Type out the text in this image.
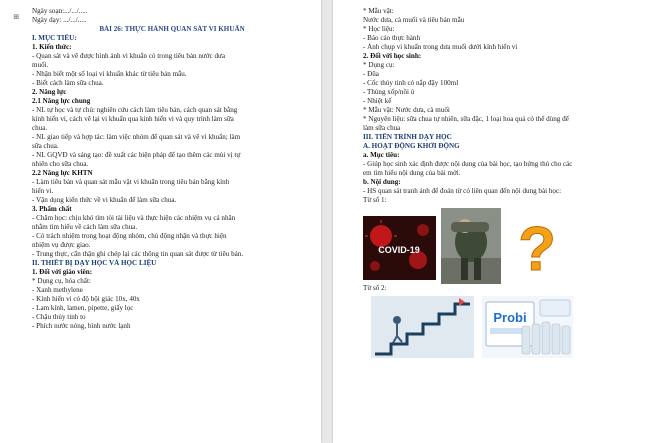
⊞
Ngày soạn:.../.../.....
Ngày dạy: .../.../.....
BÀI 26: THỰC HÀNH QUAN SÁT VI KHUẨN
I. MỤC TIÊU:
1. Kiến thức:
- Quan sát và vẽ được hình ảnh vi khuẩn có trong tiêu bản nước dưa
muối.
- Nhận biết một số loại vi khuẩn khác từ tiêu bản mẫu.
- Biết cách làm sữa chua.
2. Năng lực
2.1 Năng lực chung
- NL tự học và tự chủ: nghiên cứu cách làm tiêu bản, cách quan sát bằng
kính hiển vi, cách vẽ lại vi khuẩn qua kính hiển vi và quy trình làm sữa
chua.
- NL giao tiếp và hợp tác: làm việc nhóm để quan sát và vẽ vi khuẩn; làm
sữa chua.
- NL GQVĐ và sáng tạo: đề xuất các biện pháp để tạo thêm các mùi vị tự
nhiên cho sữa chua.
2.2 Năng lực KHTN
- Làm tiêu bản và quan sát mẫu vật vi khuẩn trong tiêu bản bằng kính
hiển vi.
- Vận dụng kiến thức về vi khuẩn để làm sữa chua.
3. Phẩm chất
- Chăm học: chịu khó tìm tòi tài liệu và thực hiện các nhiệm vụ cá nhân
nhằm tìm hiểu về cách làm sữa chua.
- Có trách nhiệm trong hoạt động nhóm, chủ động nhận và thực hiện
nhiệm vụ được giao.
- Trung thực, cẩn thận ghi chép lại các thông tin quan sát được từ tiêu bản.
II. THIẾT BỊ DẠY HỌC VÀ HỌC LIỆU
1. Đối với giáo viên:
* Dụng cụ, hóa chất:
- Xanh methylene
- Kính hiển vi có độ bội giác 10x, 40x
- Lam kính, lamen, pipette, giấy lọc
- Chậu thủy tinh to
- Phích nước nóng, bình nước lạnh
* Mẫu vật:
Nước dưa, cà muối và tiêu bản mẫu
* Học liệu:
- Báo cáo thực hành
- Ảnh chụp vi khuẩn trong dưa muối dưới kính hiển vi
2. Đối với học sinh:
* Dụng cụ:
- Đũa
- Cốc thủy tinh có nắp đậy 100ml
- Thùng xốp/nồi ủ
- Nhiệt kế
* Mẫu vật: Nước dưa, cà muối
* Nguyên liệu: sữa chua tự nhiên, sữa đặc, 1 loại hoa quả có thể dùng để
làm sữa chua
III. TIẾN TRÌNH DẠY HỌC
A. HOẠT ĐỘNG KHỞI ĐỘNG
a. Mục tiêu:
- Giúp học sinh xác định được nội dung của bài học, tạo hứng thú cho các
em tìm hiểu nội dung của bài mới.
b. Nội dung:
- HS quan sát tranh ảnh để đoán từ có liên quan đến nội dung bài học:
Từ số 1:
COVID-19 ?
Từ số 2:
Probi
